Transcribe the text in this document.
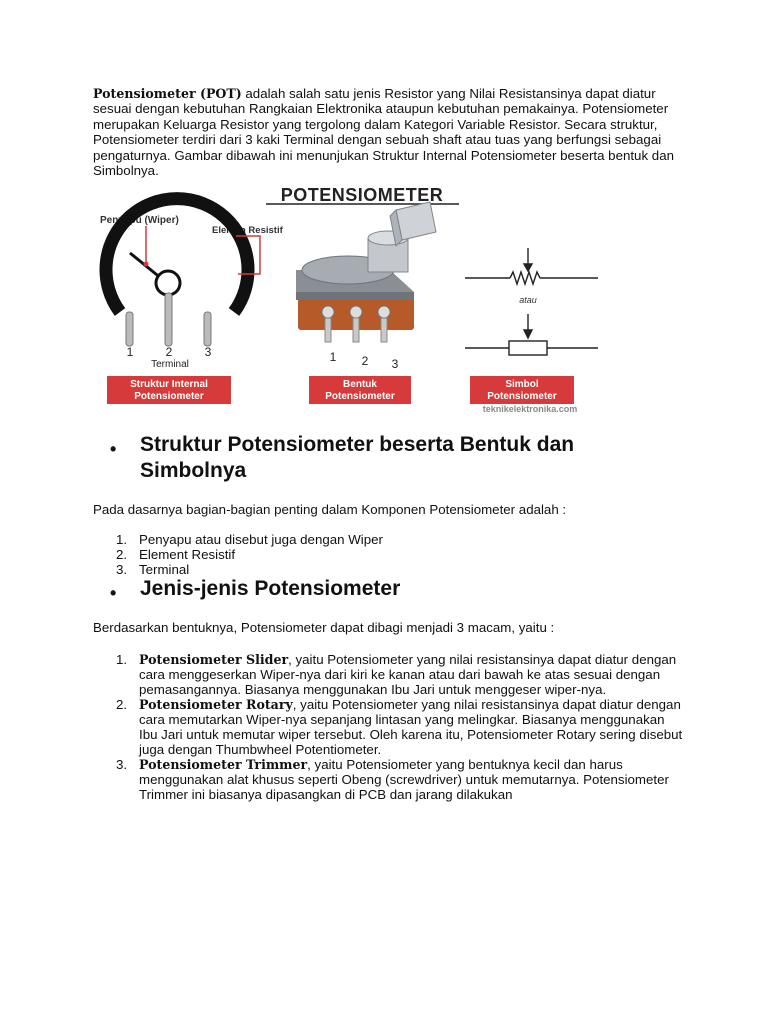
Potensiometer (POT) adalah salah satu jenis Resistor yang Nilai Resistansinya dapat diatur sesuai dengan kebutuhan Rangkaian Elektronika ataupun kebutuhan pemakainya. Potensiometer merupakan Keluarga Resistor yang tergolong dalam Kategori Variable Resistor. Secara struktur, Potensiometer terdiri dari 3 kaki Terminal dengan sebuah shaft atau tuas yang berfungsi sebagai pengaturnya. Gambar dibawah ini menunjukan Struktur Internal Potensiometer beserta bentuk dan Simbolnya.

POTENSIOMETER
Penyapu (Wiper)
Elemen Resistif
1	2	3
Terminal
1 2 3
atau
Struktur Internal
Potensiometer
Bentuk
Potensiometer
Simbol
Potensiometer
teknikelektronika.com
•	Struktur Potensiometer beserta Bentuk dan Simbolnya

Pada dasarnya bagian-bagian penting dalam Komponen Potensiometer adalah :

1. Penyapu atau disebut juga dengan Wiper
2. Element Resistif
3. Terminal
•	Jenis-jenis Potensiometer

Berdasarkan bentuknya, Potensiometer dapat dibagi menjadi 3 macam, yaitu :

1. Potensiometer Slider, yaitu Potensiometer yang nilai resistansinya dapat diatur dengan cara menggeserkan Wiper-nya dari kiri ke kanan atau dari bawah ke atas sesuai dengan pemasangannya. Biasanya menggunakan Ibu Jari untuk menggeser wiper-nya.
2. Potensiometer Rotary, yaitu Potensiometer yang nilai resistansinya dapat diatur dengan cara memutarkan Wiper-nya sepanjang lintasan yang melingkar. Biasanya menggunakan Ibu Jari untuk memutar wiper tersebut. Oleh karena itu, Potensiometer Rotary sering disebut juga dengan Thumbwheel Potentiometer.
3. Potensiometer Trimmer, yaitu Potensiometer yang bentuknya kecil dan harus menggunakan alat khusus seperti Obeng (screwdriver) untuk memutarnya. Potensiometer Trimmer ini biasanya dipasangkan di PCB dan jarang dilakukan
